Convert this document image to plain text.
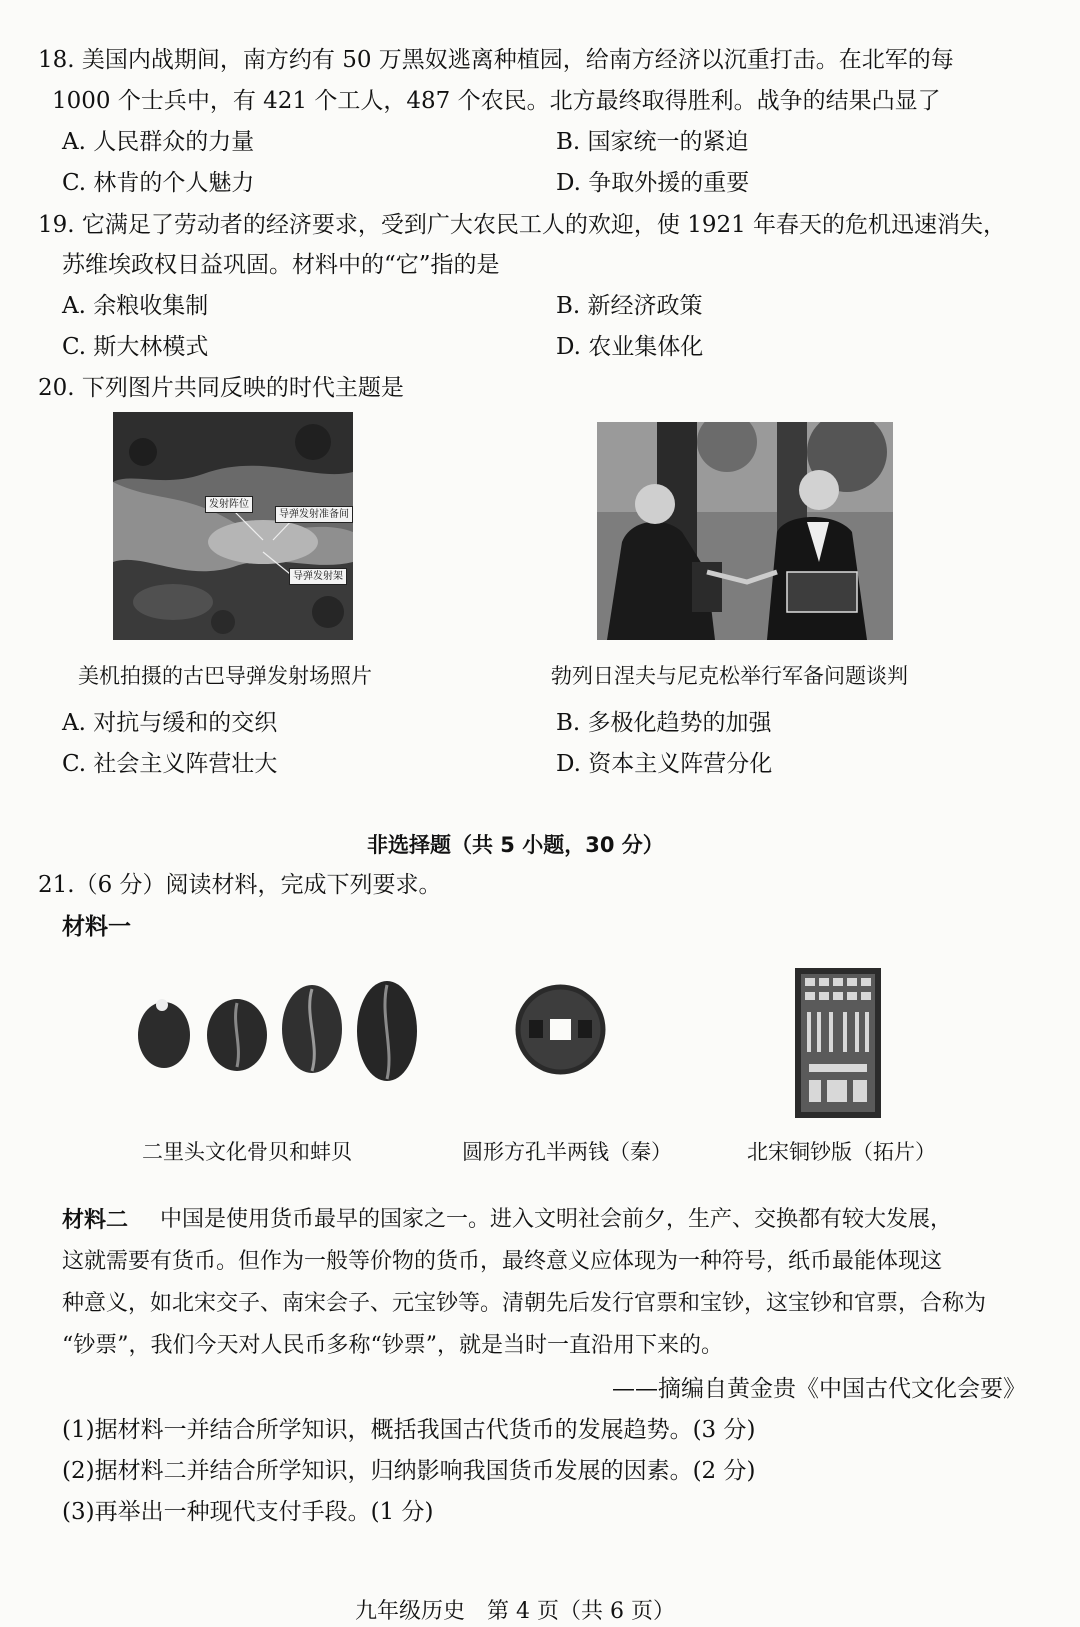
18. 美国内战期间，南方约有 50 万黑奴逃离种植园，给南方经济以沉重打击。在北军的每
1000 个士兵中，有 421 个工人，487 个农民。北方最终取得胜利。战争的结果凸显了
A. 人民群众的力量	B. 国家统一的紧迫
C. 林肯的个人魅力	D. 争取外援的重要
19. 它满足了劳动者的经济要求，受到广大农民工人的欢迎，使 1921 年春天的危机迅速消失，
苏维埃政权日益巩固。材料中的“它”指的是
A. 余粮收集制	B. 新经济政策
C. 斯大林模式	D. 农业集体化
20. 下列图片共同反映的时代主题是
发射阵位
导弹发射准备间
导弹发射架
美机拍摄的古巴导弹发射场照片	勃列日涅夫与尼克松举行军备问题谈判
A. 对抗与缓和的交织	B. 多极化趋势的加强
C. 社会主义阵营壮大	D. 资本主义阵营分化
非选择题（共 5 小题，30 分）
21.（6 分）阅读材料，完成下列要求。
材料一
二里头文化骨贝和蚌贝	圆形方孔半两钱（秦）	北宋铜钞版（拓片）
材料二 中国是使用货币最早的国家之一。进入文明社会前夕，生产、交换都有较大发展，
这就需要有货币。但作为一般等价物的货币，最终意义应体现为一种符号，纸币最能体现这
种意义，如北宋交子、南宋会子、元宝钞等。清朝先后发行官票和宝钞，这宝钞和官票，合称为
“钞票”，我们今天对人民币多称“钞票”，就是当时一直沿用下来的。
——摘编自黄金贵《中国古代文化会要》
(1)据材料一并结合所学知识，概括我国古代货币的发展趋势。(3 分)
(2)据材料二并结合所学知识，归纳影响我国货币发展的因素。(2 分)
(3)再举出一种现代支付手段。(1 分)
九年级历史　第 4 页（共 6 页）
